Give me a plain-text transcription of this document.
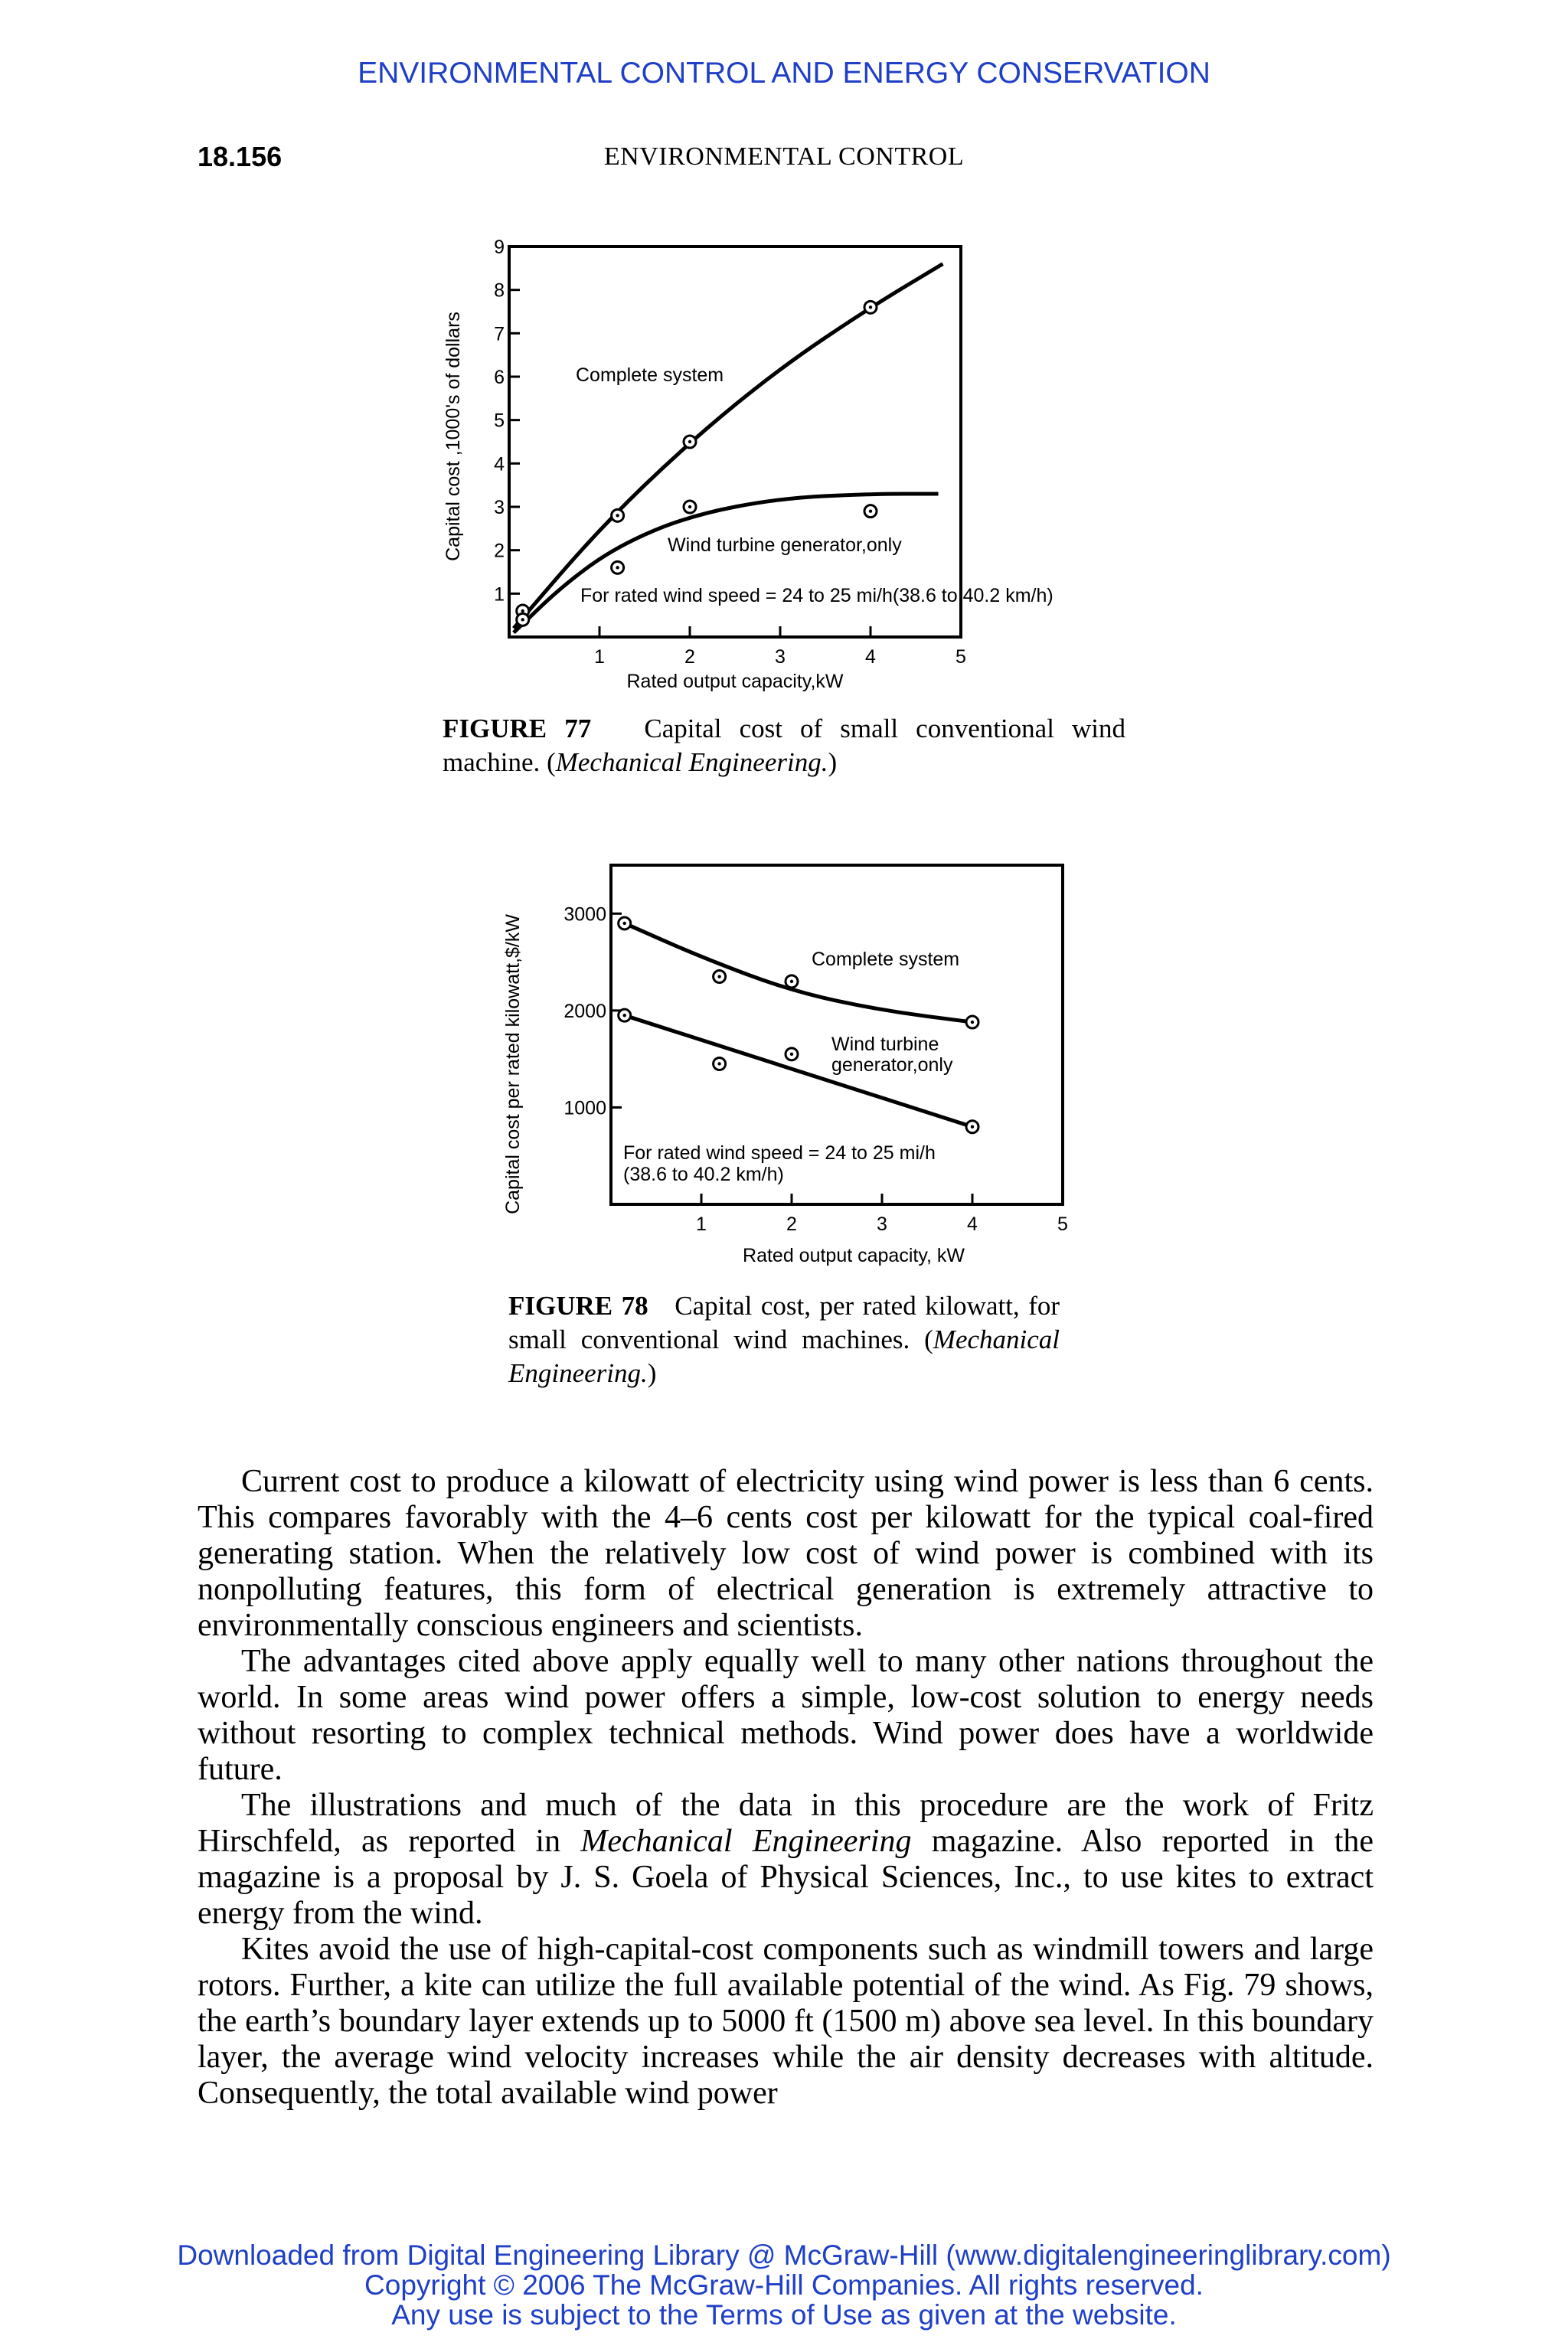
ENVIRONMENTAL CONTROL AND ENERGY CONSERVATION
18.156	ENVIRONMENTAL CONTROL
1
2
3
4
5
6
7
8
9
1	2	3	4	5
Capital cost ,1000's of dollars
Rated output capacity,kW
Complete system
Wind turbine generator,only
For rated wind speed = 24 to 25 mi/h(38.6 to 40.2 km/h)
FIGURE 77 Capital cost of small conventional wind machine. (Mechanical Engineering.)
1000
2000
3000
1	2	3	4	5
Capital cost per rated kilowatt,$/kW
Rated output capacity, kW
Complete system
Wind turbine
generator,only
For rated wind speed = 24 to 25 mi/h
(38.6 to 40.2 km/h)
FIGURE 78 Capital cost, per rated kilowatt, for small conventional wind machines. (Mechanical Engineering.)

Current cost to produce a kilowatt of electricity using wind power is less than 6 cents. This compares favorably with the 4–6 cents cost per kilowatt for the typical coal-fired generating station. When the relatively low cost of wind power is combined with its nonpolluting features, this form of electrical generation is extremely attractive to environmentally conscious engineers and scientists.

The advantages cited above apply equally well to many other nations throughout the world. In some areas wind power offers a simple, low-cost solution to energy needs without resorting to complex technical methods. Wind power does have a worldwide future.

The illustrations and much of the data in this procedure are the work of Fritz Hirschfeld, as reported in Mechanical Engineering magazine. Also reported in the magazine is a proposal by J. S. Goela of Physical Sciences, Inc., to use kites to extract energy from the wind.

Kites avoid the use of high-capital-cost components such as windmill towers and large rotors. Further, a kite can utilize the full available potential of the wind. As Fig. 79 shows, the earth’s boundary layer extends up to 5000 ft (1500 m) above sea level. In this boundary layer, the average wind velocity increases while the air density decreases with altitude. Consequently, the total available wind power

Downloaded from Digital Engineering Library @ McGraw-Hill (www.digitalengineeringlibrary.com)
Copyright © 2006 The McGraw-Hill Companies. All rights reserved.
Any use is subject to the Terms of Use as given at the website.
